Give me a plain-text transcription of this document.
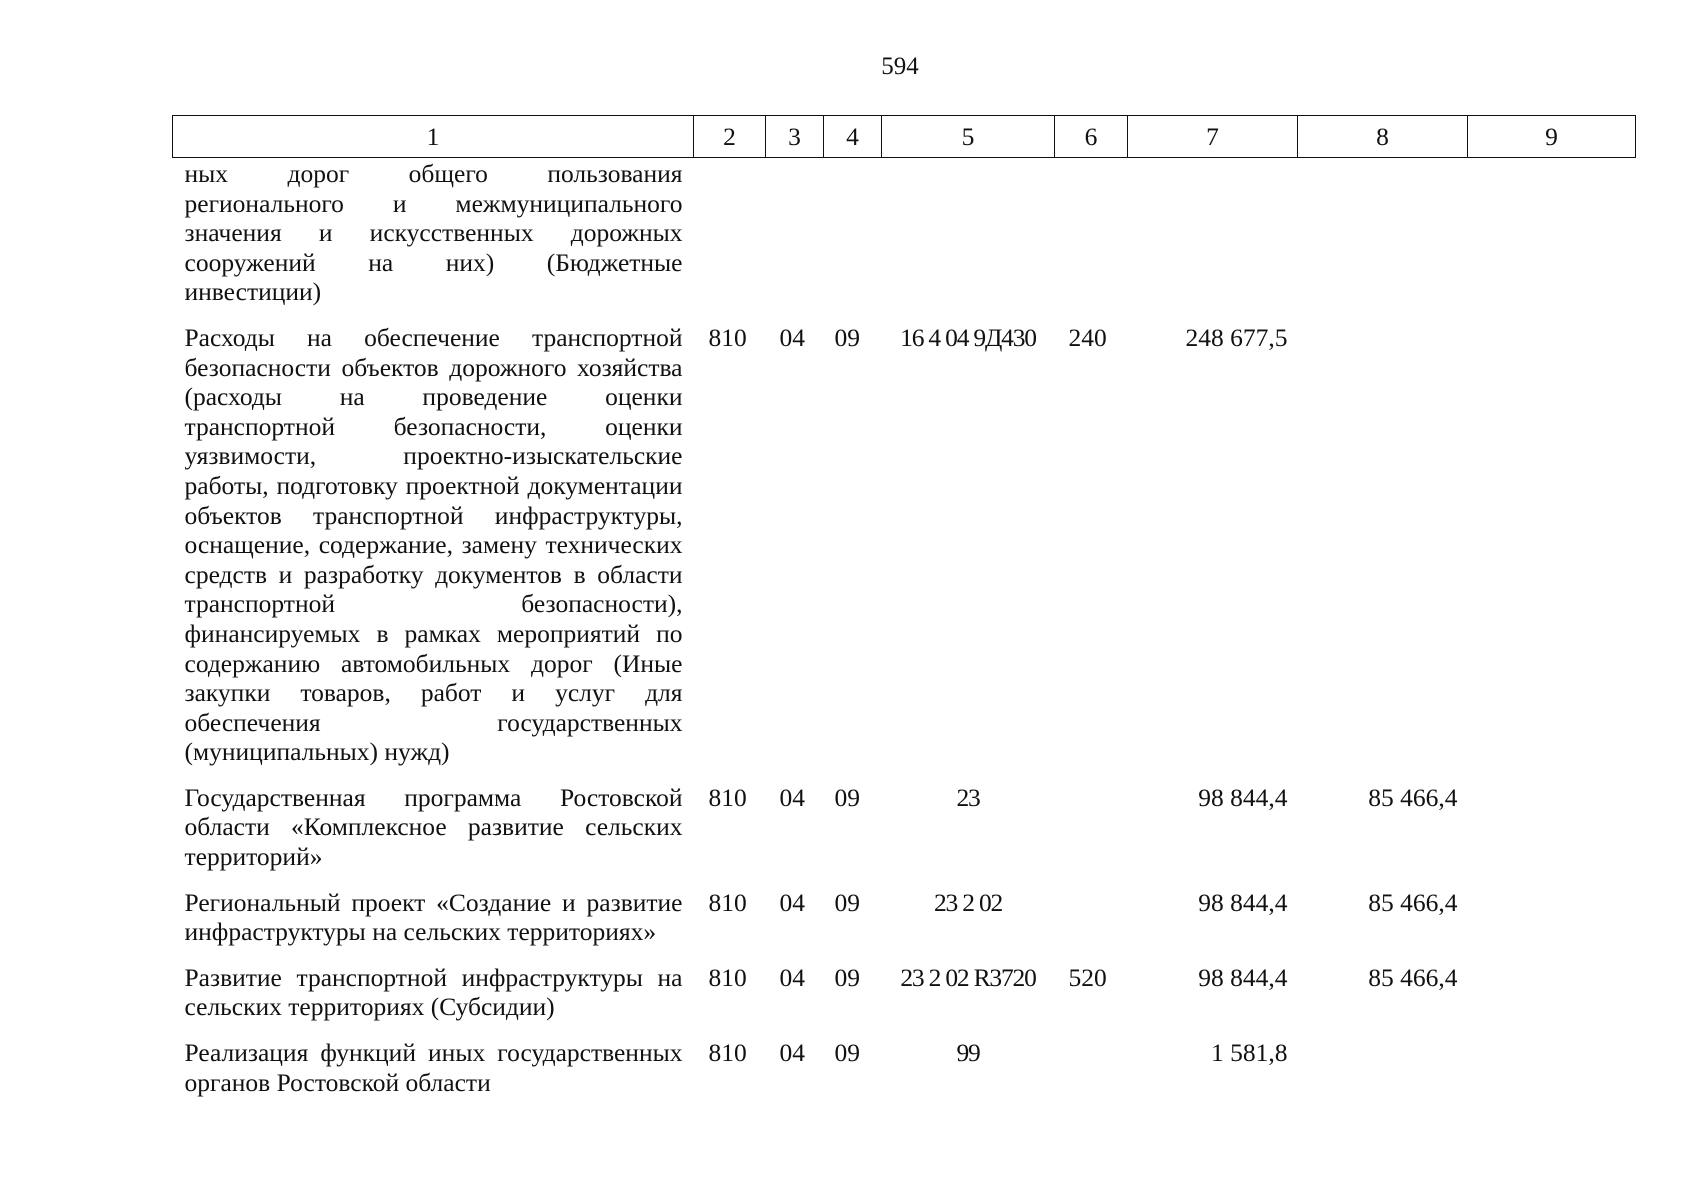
594
1	2	3	4	5	6	7	8	9
ных дорог общего пользования регионального и межмуниципального значения и искусственных дорожных сооружений на них) (Бюджетные инвестиции)								
Расходы на обеспечение транспортной безопасности объектов дорожного хозяйства (расходы на проведение оценки транспортной безопасности, оценки уязвимости, проектно-изыскательские работы, подготовку проектной документации объектов транспортной инфраструктуры, оснащение, содержание, замену технических средств и разработку документов в области транспортной безопасности), финансируемых в рамках мероприятий по содержанию автомобильных дорог (Иные закупки товаров, работ и услуг для обеспечения государственных (муниципальных) нужд)	810	04	09	16 4 04 9Д430	240	248 677,5		
Государственная программа Ростовской области «Комплексное развитие сельских территорий»	810	04	09	23		98 844,4	85 466,4	
Региональный проект «Создание и развитие инфраструктуры на сельских территориях»	810	04	09	23 2 02		98 844,4	85 466,4	
Развитие транспортной инфраструктуры на сельских территориях (Субсидии)	810	04	09	23 2 02 R3720	520	98 844,4	85 466,4	
Реализация функций иных государственных органов Ростовской области	810	04	09	99		1 581,8		
